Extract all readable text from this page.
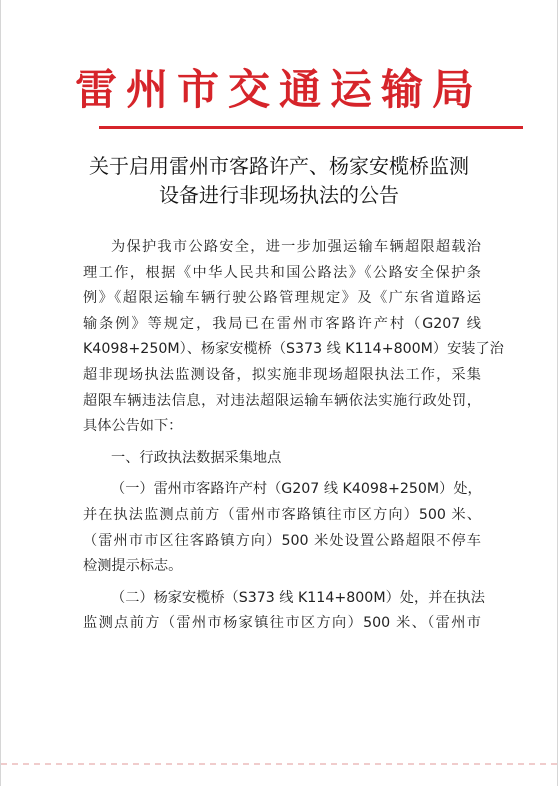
雷州市交通运输局
关于启用雷州市客路许产、杨家安榄桥监测
设备进行非现场执法的公告
为保护我市公路安全，进一步加强运输车辆超限超载治
理工作，根据《中华人民共和国公路法》《公路安全保护条
例》《超限运输车辆行驶公路管理规定》及《广东省道路运
输条例》等规定，我局已在雷州市客路许产村（G207 线
K4098+250M）、杨家安榄桥（S373 线 K114+800M）安装了治
超非现场执法监测设备，拟实施非现场超限执法工作，采集
超限车辆违法信息，对违法超限运输车辆依法实施行政处罚，
具体公告如下：
一、行政执法数据采集地点
（一）雷州市客路许产村（G207 线 K4098+250M）处，
并在执法监测点前方（雷州市客路镇往市区方向）500 米、
（雷州市市区往客路镇方向）500 米处设置公路超限不停车
检测提示标志。
（二）杨家安榄桥（S373 线 K114+800M）处，并在执法
监测点前方（雷州市杨家镇往市区方向）500 米、（雷州市
